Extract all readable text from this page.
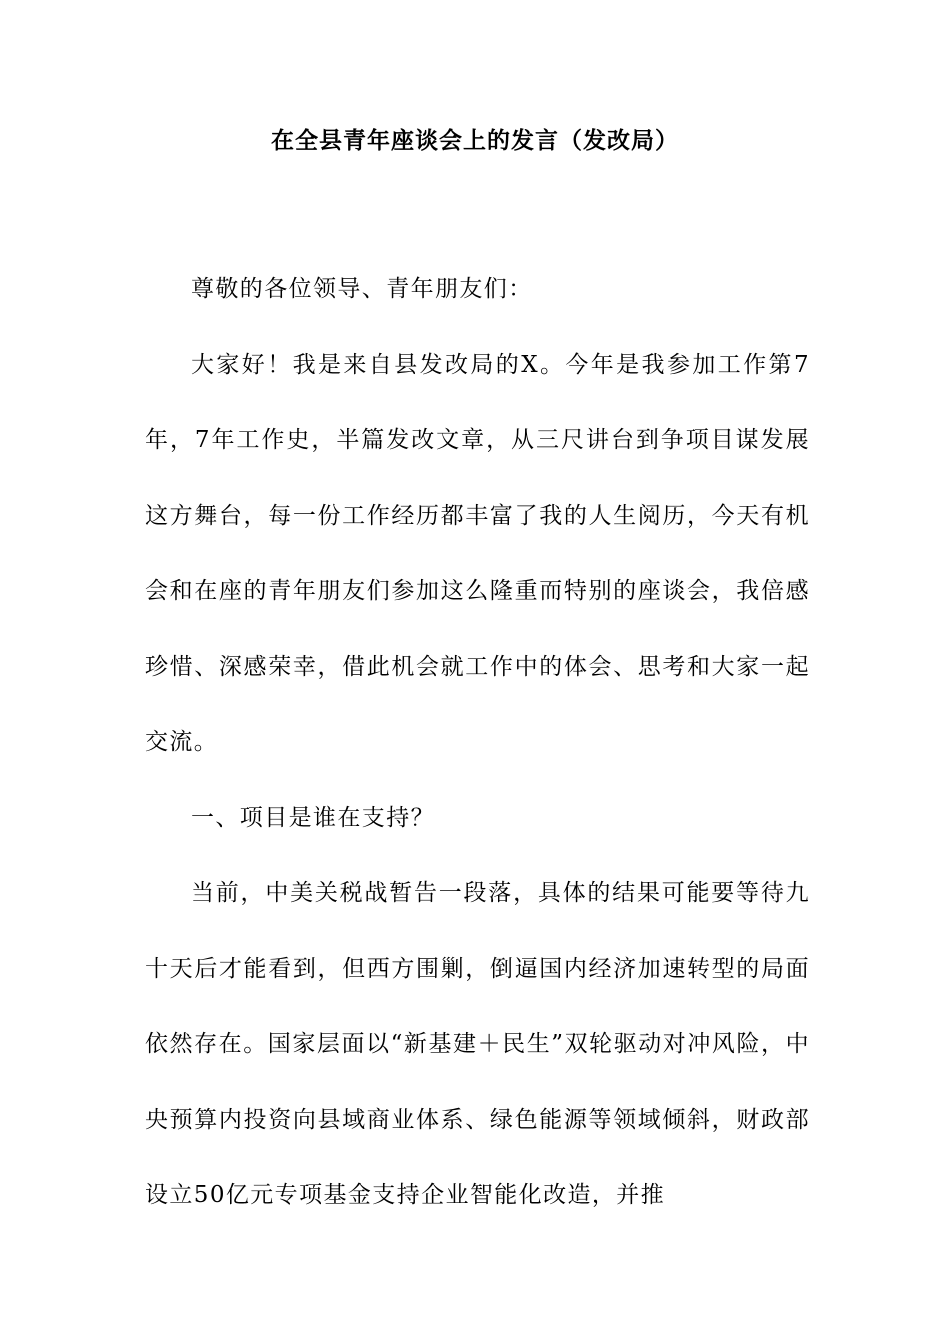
在全县青年座谈会上的发言（发改局）

尊敬的各位领导、青年朋友们：

大家好！我是来自县发改局的X。今年是我参加工作第7年，7年工作史，半篇发改文章，从三尺讲台到争项目谋发展这方舞台，每一份工作经历都丰富了我的人生阅历，今天有机会和在座的青年朋友们参加这么隆重而特别的座谈会，我倍感珍惜、深感荣幸，借此机会就工作中的体会、思考和大家一起交流。

一、项目是谁在支持？

当前，中美关税战暂告一段落，具体的结果可能要等待九十天后才能看到，但西方围剿，倒逼国内经济加速转型的局面依然存在。国家层面以“新基建＋民生”双轮驱动对冲风险，中央预算内投资向县域商业体系、绿色能源等领域倾斜，财政部设立50亿元专项基金支持企业智能化改造，并推
